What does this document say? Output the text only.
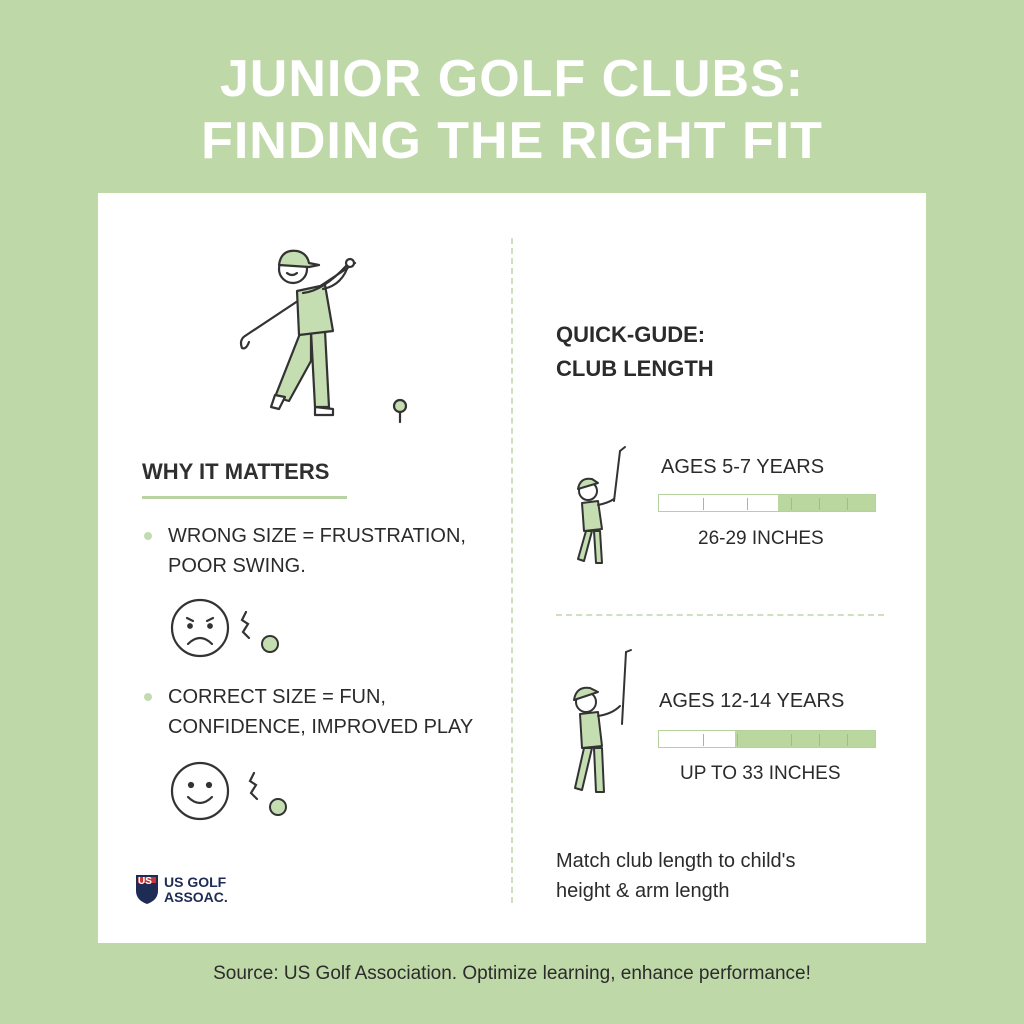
JUNIOR GOLF CLUBS:
FINDING THE RIGHT FIT
WHY IT MATTERS
WRONG SIZE = FRUSTRATION,
POOR SWING.
CORRECT SIZE = FUN,
CONFIDENCE, IMPROVED PLAY
US US GOLF
ASSOAC.
QUICK-GUDE:
CLUB LENGTH
AGES 5-7 YEARS
26-29 INCHES
AGES 12-14 YEARS
UP TO 33 INCHES
Match club length to child's
height & arm length
Source: US Golf Association. Optimize learning, enhance performance!
